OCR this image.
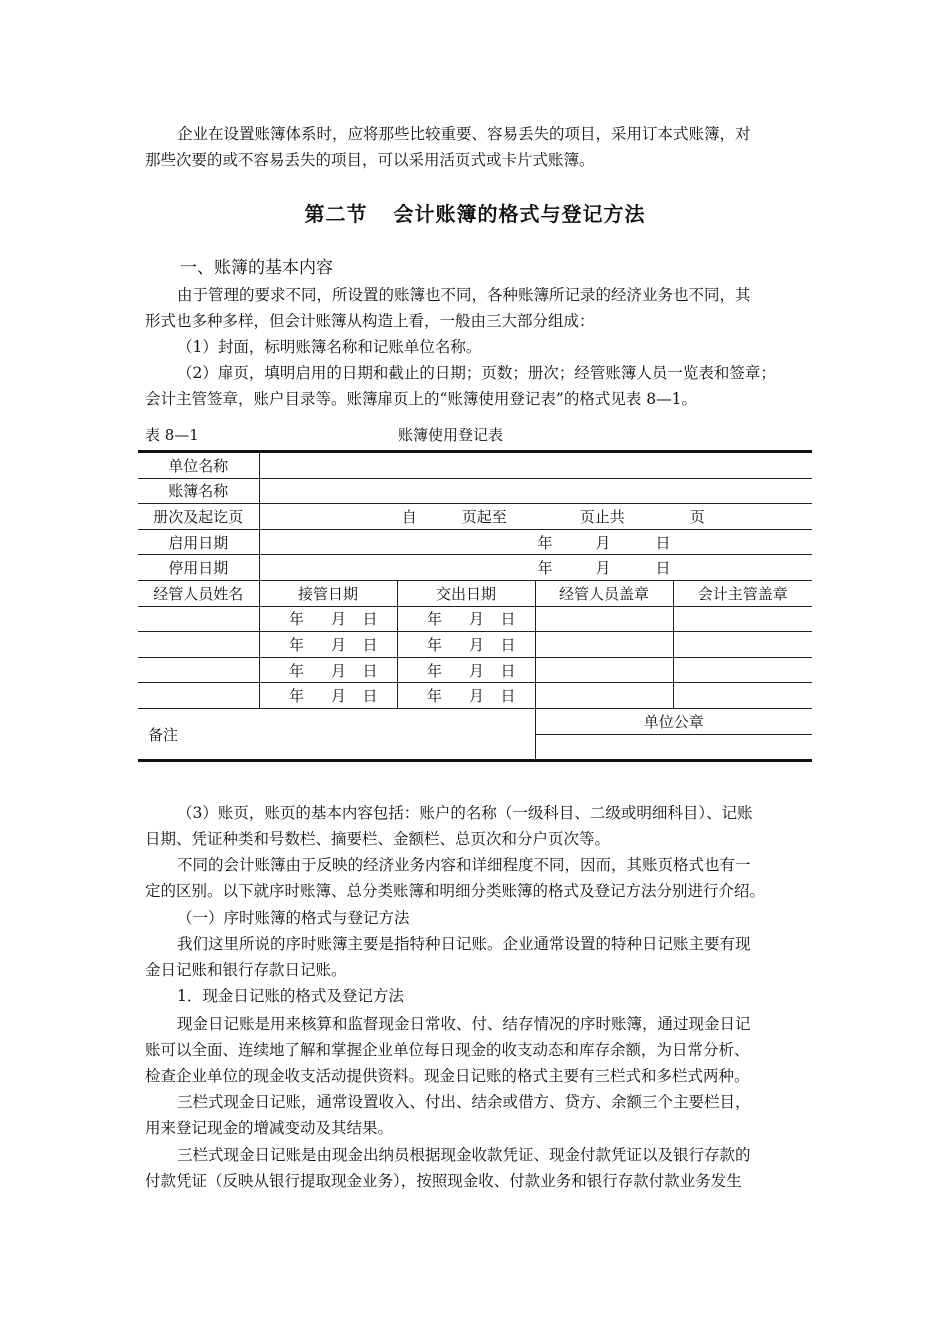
企业在设置账簿体系时，应将那些比较重要、容易丢失的项目，采用订本式账簿，对
那些次要的或不容易丢失的项目，可以采用活页式或卡片式账簿。
第二节 会计账簿的格式与登记方法
一、账簿的基本内容
由于管理的要求不同，所设置的账簿也不同，各种账簿所记录的经济业务也不同，其
形式也多种多样，但会计账簿从构造上看，一般由三大部分组成：
（1）封面，标明账簿名称和记账单位名称。
（2）扉页，填明启用的日期和截止的日期；页数；册次；经管账簿人员一览表和签章；
会计主管签章，账户目录等。账簿扉页上的“账簿使用登记表”的格式见表 8—1。
表 8—1	账簿使用登记表
单位名称				
账簿名称				
册次及起讫页	自 页起至 页止共 页			
启用日期	年 月 日			
停用日期	年 月 日			
经管人员姓名	接管日期	交出日期	经管人员盖章	会计主管盖章
	年 月 日	年 月 日		
	年 月 日	年 月 日		
	年 月 日	年 月 日		
	年 月 日	年 月 日		
备注			单位公章	

（3）账页，账页的基本内容包括：账户的名称（一级科目、二级或明细科目）、记账
日期、凭证种类和号数栏、摘要栏、金额栏、总页次和分户页次等。
不同的会计账簿由于反映的经济业务内容和详细程度不同，因而，其账页格式也有一
定的区别。以下就序时账簿、总分类账簿和明细分类账簿的格式及登记方法分别进行介绍。
（一）序时账簿的格式与登记方法
我们这里所说的序时账簿主要是指特种日记账。企业通常设置的特种日记账主要有现
金日记账和银行存款日记账。
1．现金日记账的格式及登记方法
现金日记账是用来核算和监督现金日常收、付、结存情况的序时账簿，通过现金日记
账可以全面、连续地了解和掌握企业单位每日现金的收支动态和库存余额，为日常分析、
检查企业单位的现金收支活动提供资料。现金日记账的格式主要有三栏式和多栏式两种。
三栏式现金日记账，通常设置收入、付出、结余或借方、贷方、余额三个主要栏目，
用来登记现金的增减变动及其结果。
三栏式现金日记账是由现金出纳员根据现金收款凭证、现金付款凭证以及银行存款的
付款凭证（反映从银行提取现金业务），按照现金收、付款业务和银行存款付款业务发生
